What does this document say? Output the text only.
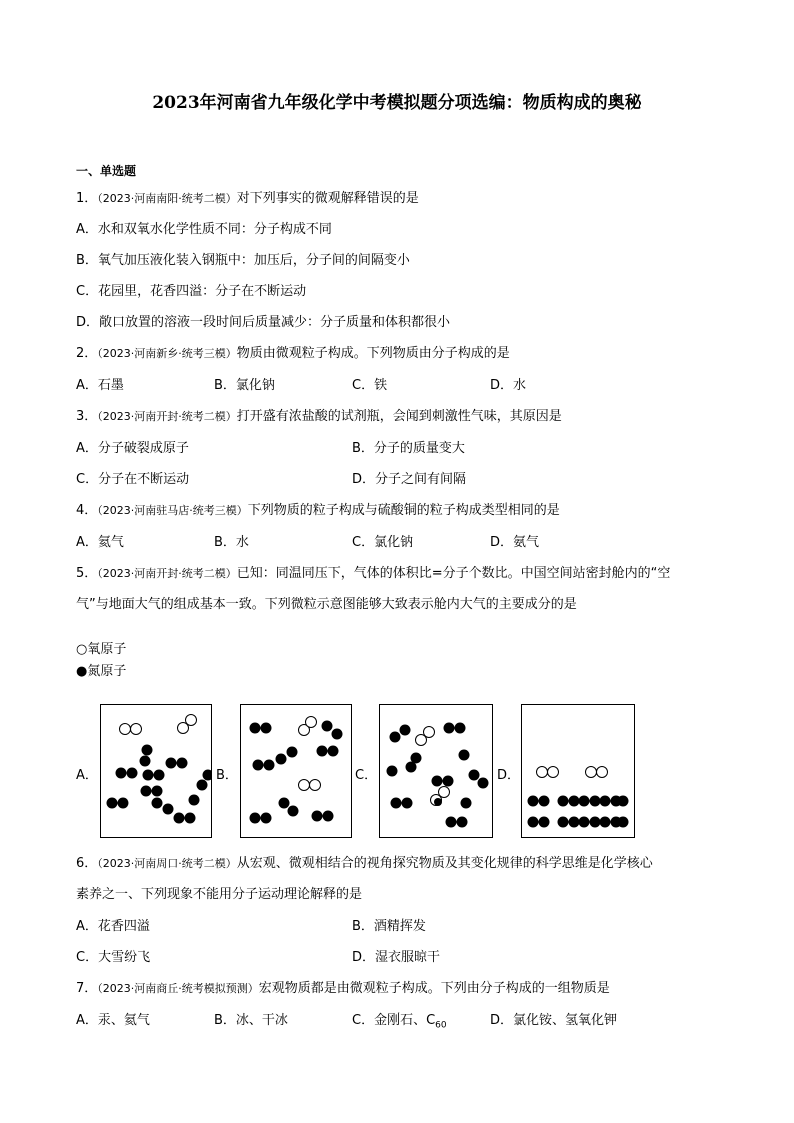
2023年河南省九年级化学中考模拟题分项选编：物质构成的奥秘
一、单选题
1．（2023·河南南阳·统考二模）对下列事实的微观解释错误的是
A．水和双氧水化学性质不同：分子构成不同
B．氧气加压液化装入钢瓶中：加压后，分子间的间隔变小
C．花园里，花香四溢：分子在不断运动
D．敞口放置的溶液一段时间后质量减少：分子质量和体积都很小
2．（2023·河南新乡·统考三模）物质由微观粒子构成。下列物质由分子构成的是
A．石墨	B．氯化钠	C．铁	D．水
3．（2023·河南开封·统考二模）打开盛有浓盐酸的试剂瓶，会闻到刺激性气味，其原因是
A．分子破裂成原子	B．分子的质量变大
C．分子在不断运动	D．分子之间有间隔
4．（2023·河南驻马店·统考三模）下列物质的粒子构成与硫酸铜的粒子构成类型相同的是
A．氦气	B．水	C．氯化钠	D．氨气
5．（2023·河南开封·统考二模）已知：同温同压下，气体的体积比=分子个数比。中国空间站密封舱内的“空
气”与地面大气的组成基本一致。下列微粒示意图能够大致表示舱内大气的主要成分的是
○氧原子
●氮原子
A．	B．	C．	D．
6．（2023·河南周口·统考二模）从宏观、微观相结合的视角探究物质及其变化规律的科学思维是化学核心
素养之一、下列现象不能用分子运动理论解释的是
A．花香四溢	B．酒精挥发
C．大雪纷飞	D．湿衣服晾干
7．（2023·河南商丘·统考模拟预测）宏观物质都是由微观粒子构成。下列由分子构成的一组物质是
A．汞、氦气	B．冰、干冰	C．金刚石、$C_{60}$	D．氯化铵、氢氧化钾
